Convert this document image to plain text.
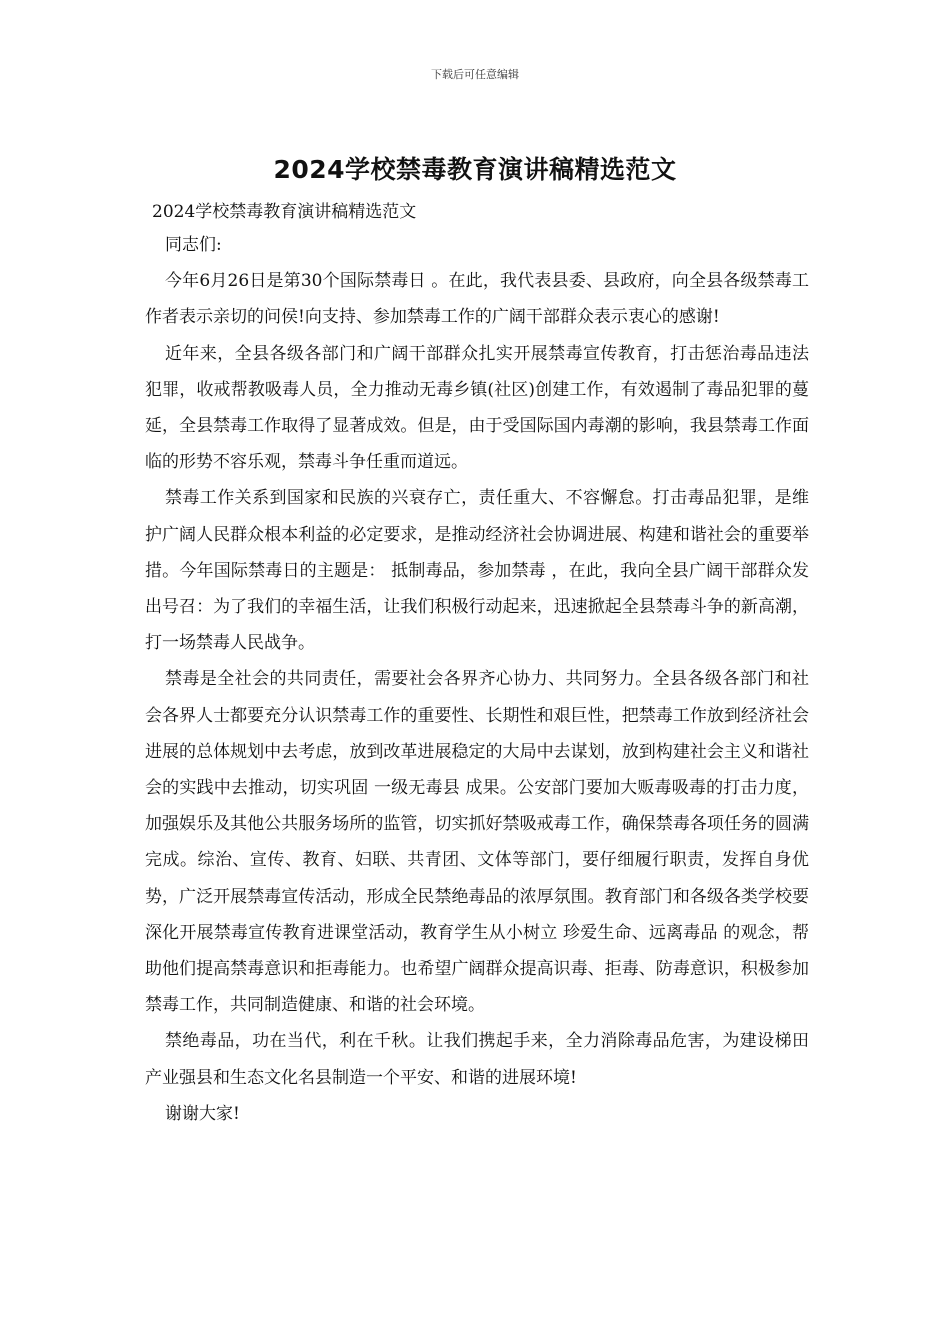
下载后可任意编辑
2024学校禁毒教育演讲稿精选范文

2024学校禁毒教育演讲稿精选范文

同志们:

今年6月26日是第30个国际禁毒日 。在此，我代表县委、县政府，向全县各级禁毒工作者表示亲切的问侯!向支持、参加禁毒工作的广阔干部群众表示衷心的感谢!

近年来，全县各级各部门和广阔干部群众扎实开展禁毒宣传教育，打击惩治毒品违法犯罪，收戒帮教吸毒人员，全力推动无毒乡镇(社区)创建工作，有效遏制了毒品犯罪的蔓延，全县禁毒工作取得了显著成效。但是，由于受国际国内毒潮的影响，我县禁毒工作面临的形势不容乐观，禁毒斗争任重而道远。

禁毒工作关系到国家和民族的兴衰存亡，责任重大、不容懈怠。打击毒品犯罪，是维护广阔人民群众根本利益的必定要求，是推动经济社会协调进展、构建和谐社会的重要举措。今年国际禁毒日的主题是： 抵制毒品，参加禁毒 ，在此，我向全县广阔干部群众发出号召：为了我们的幸福生活，让我们积极行动起来，迅速掀起全县禁毒斗争的新高潮，打一场禁毒人民战争。

禁毒是全社会的共同责任，需要社会各界齐心协力、共同努力。全县各级各部门和社会各界人士都要充分认识禁毒工作的重要性、长期性和艰巨性，把禁毒工作放到经济社会进展的总体规划中去考虑，放到改革进展稳定的大局中去谋划，放到构建社会主义和谐社会的实践中去推动，切实巩固 一级无毒县 成果。公安部门要加大贩毒吸毒的打击力度，加强娱乐及其他公共服务场所的监管，切实抓好禁吸戒毒工作，确保禁毒各项任务的圆满完成。综治、宣传、教育、妇联、共青团、文体等部门，要仔细履行职责，发挥自身优势，广泛开展禁毒宣传活动，形成全民禁绝毒品的浓厚氛围。教育部门和各级各类学校要深化开展禁毒宣传教育进课堂活动，教育学生从小树立 珍爱生命、远离毒品 的观念，帮助他们提高禁毒意识和拒毒能力。也希望广阔群众提高识毒、拒毒、防毒意识，积极参加禁毒工作，共同制造健康、和谐的社会环境。

禁绝毒品，功在当代，利在千秋。让我们携起手来，全力消除毒品危害，为建设梯田产业强县和生态文化名县制造一个平安、和谐的进展环境!

谢谢大家!
